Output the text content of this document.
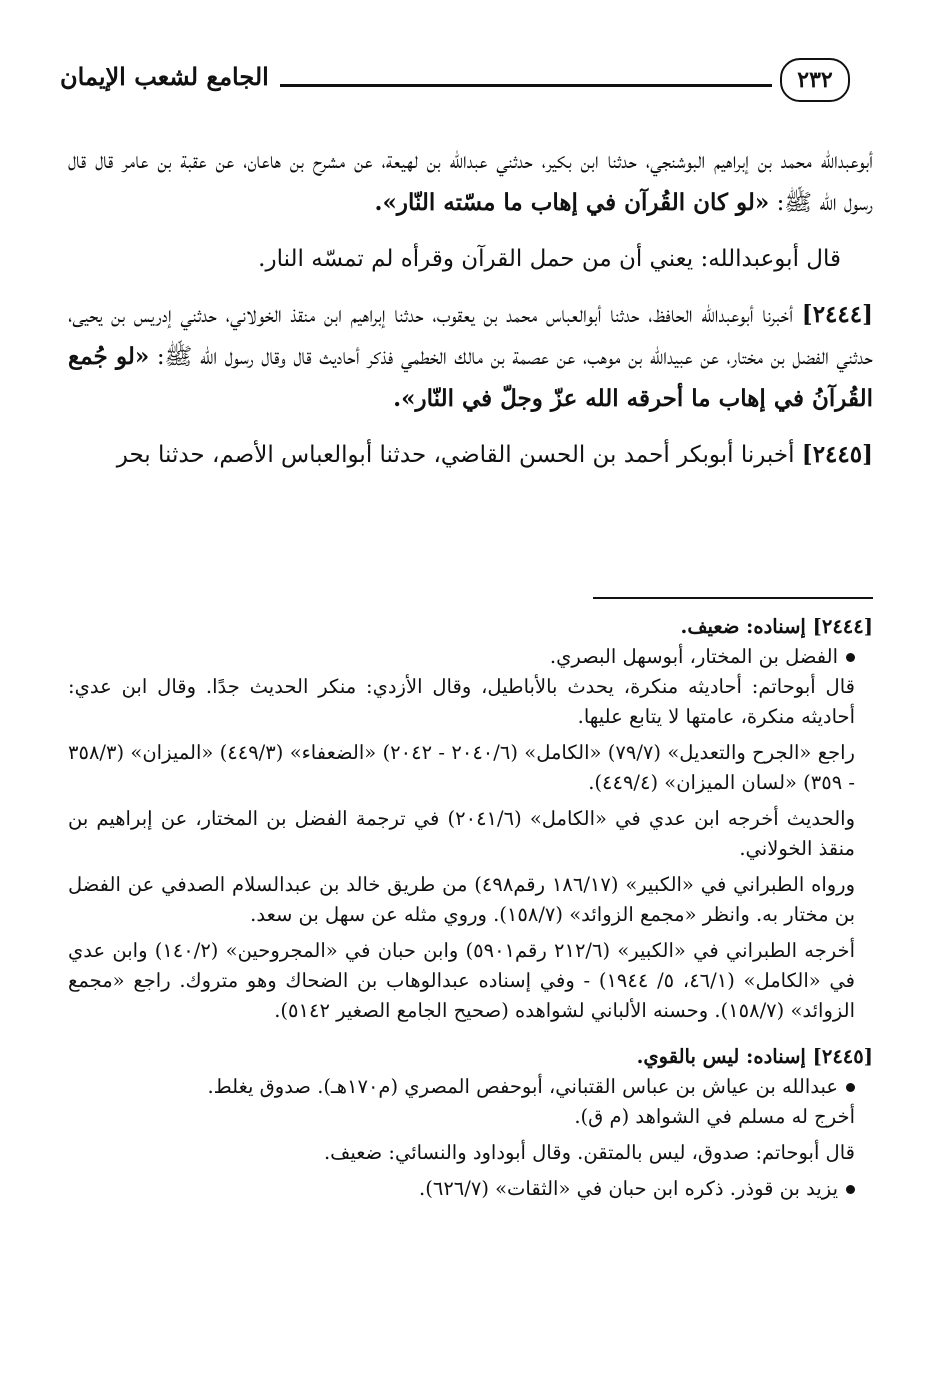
٢٣٢
الجامع لشعب الإيمان

أبوعبدالله محمد بن إبراهيم البوشنجي، حدثنا ابن بكير، حدثني عبدالله بن لهيعة، عن مشرح بن هاعان، عن عقبة بن عامر قال قال رسول الله ﷺ: «لو كان القُرآن في إهاب ما مسّته النّار».

قال أبوعبدالله: يعني أن من حمل القرآن وقرأه لم تمسّه النار.

[٢٤٤٤] أخبرنا أبوعبدالله الحافظ، حدثنا أبوالعباس محمد بن يعقوب، حدثنا إبراهيم ابن منقذ الخولاني، حدثني إدريس بن يحيى، حدثني الفضل بن مختار، عن عبيدالله بن موهب، عن عصمة بن مالك الخطمي فذكر أحاديث قال وقال رسول الله ﷺ: «لو جُمع القُرآنُ في إهاب ما أحرقه الله عزّ وجلّ في النّار».

[٢٤٤٥] أخبرنا أبوبكر أحمد بن الحسن القاضي، حدثنا أبوالعباس الأصم، حدثنا بحر

[٢٤٤٤] إسناده: ضعيف.

الفضل بن المختار، أبوسهل البصري.

قال أبوحاتم: أحاديثه منكرة، يحدث بالأباطيل، وقال الأزدي: منكر الحديث جدًا. وقال ابن عدي: أحاديثه منكرة، عامتها لا يتابع عليها.

راجع «الجرح والتعديل» (٧٩/٧) «الكامل» (٢٠٤٠/٦ - ٢٠٤٢) «الضعفاء» (٤٤٩/٣) «الميزان» (٣٥٨/٣ - ٣٥٩) «لسان الميزان» (٤٤٩/٤).

والحديث أخرجه ابن عدي في «الكامل» (٢٠٤١/٦) في ترجمة الفضل بن المختار، عن إبراهيم بن منقذ الخولاني.

ورواه الطبراني في «الكبير» (١٨٦/١٧ رقم٤٩٨) من طريق خالد بن عبدالسلام الصدفي عن الفضل بن مختار به. وانظر «مجمع الزوائد» (١٥٨/٧). وروي مثله عن سهل بن سعد.

أخرجه الطبراني في «الكبير» (٢١٢/٦ رقم٥٩٠١) وابن حبان في «المجروحين» (١٤٠/٢) وابن عدي في «الكامل» (٤٦/١، ٥/ ١٩٤٤) - وفي إسناده عبدالوهاب بن الضحاك وهو متروك. راجع «مجمع الزوائد» (١٥٨/٧). وحسنه الألباني لشواهده (صحيح الجامع الصغير ٥١٤٢).

[٢٤٤٥] إسناده: ليس بالقوي.

عبدالله بن عياش بن عباس القتباني، أبوحفص المصري (م١٧٠هـ). صدوق يغلط.

أخرج له مسلم في الشواهد (م ق).

قال أبوحاتم: صدوق، ليس بالمتقن. وقال أبوداود والنسائي: ضعيف.

يزيد بن قوذر. ذكره ابن حبان في «الثقات» (٦٢٦/٧).
